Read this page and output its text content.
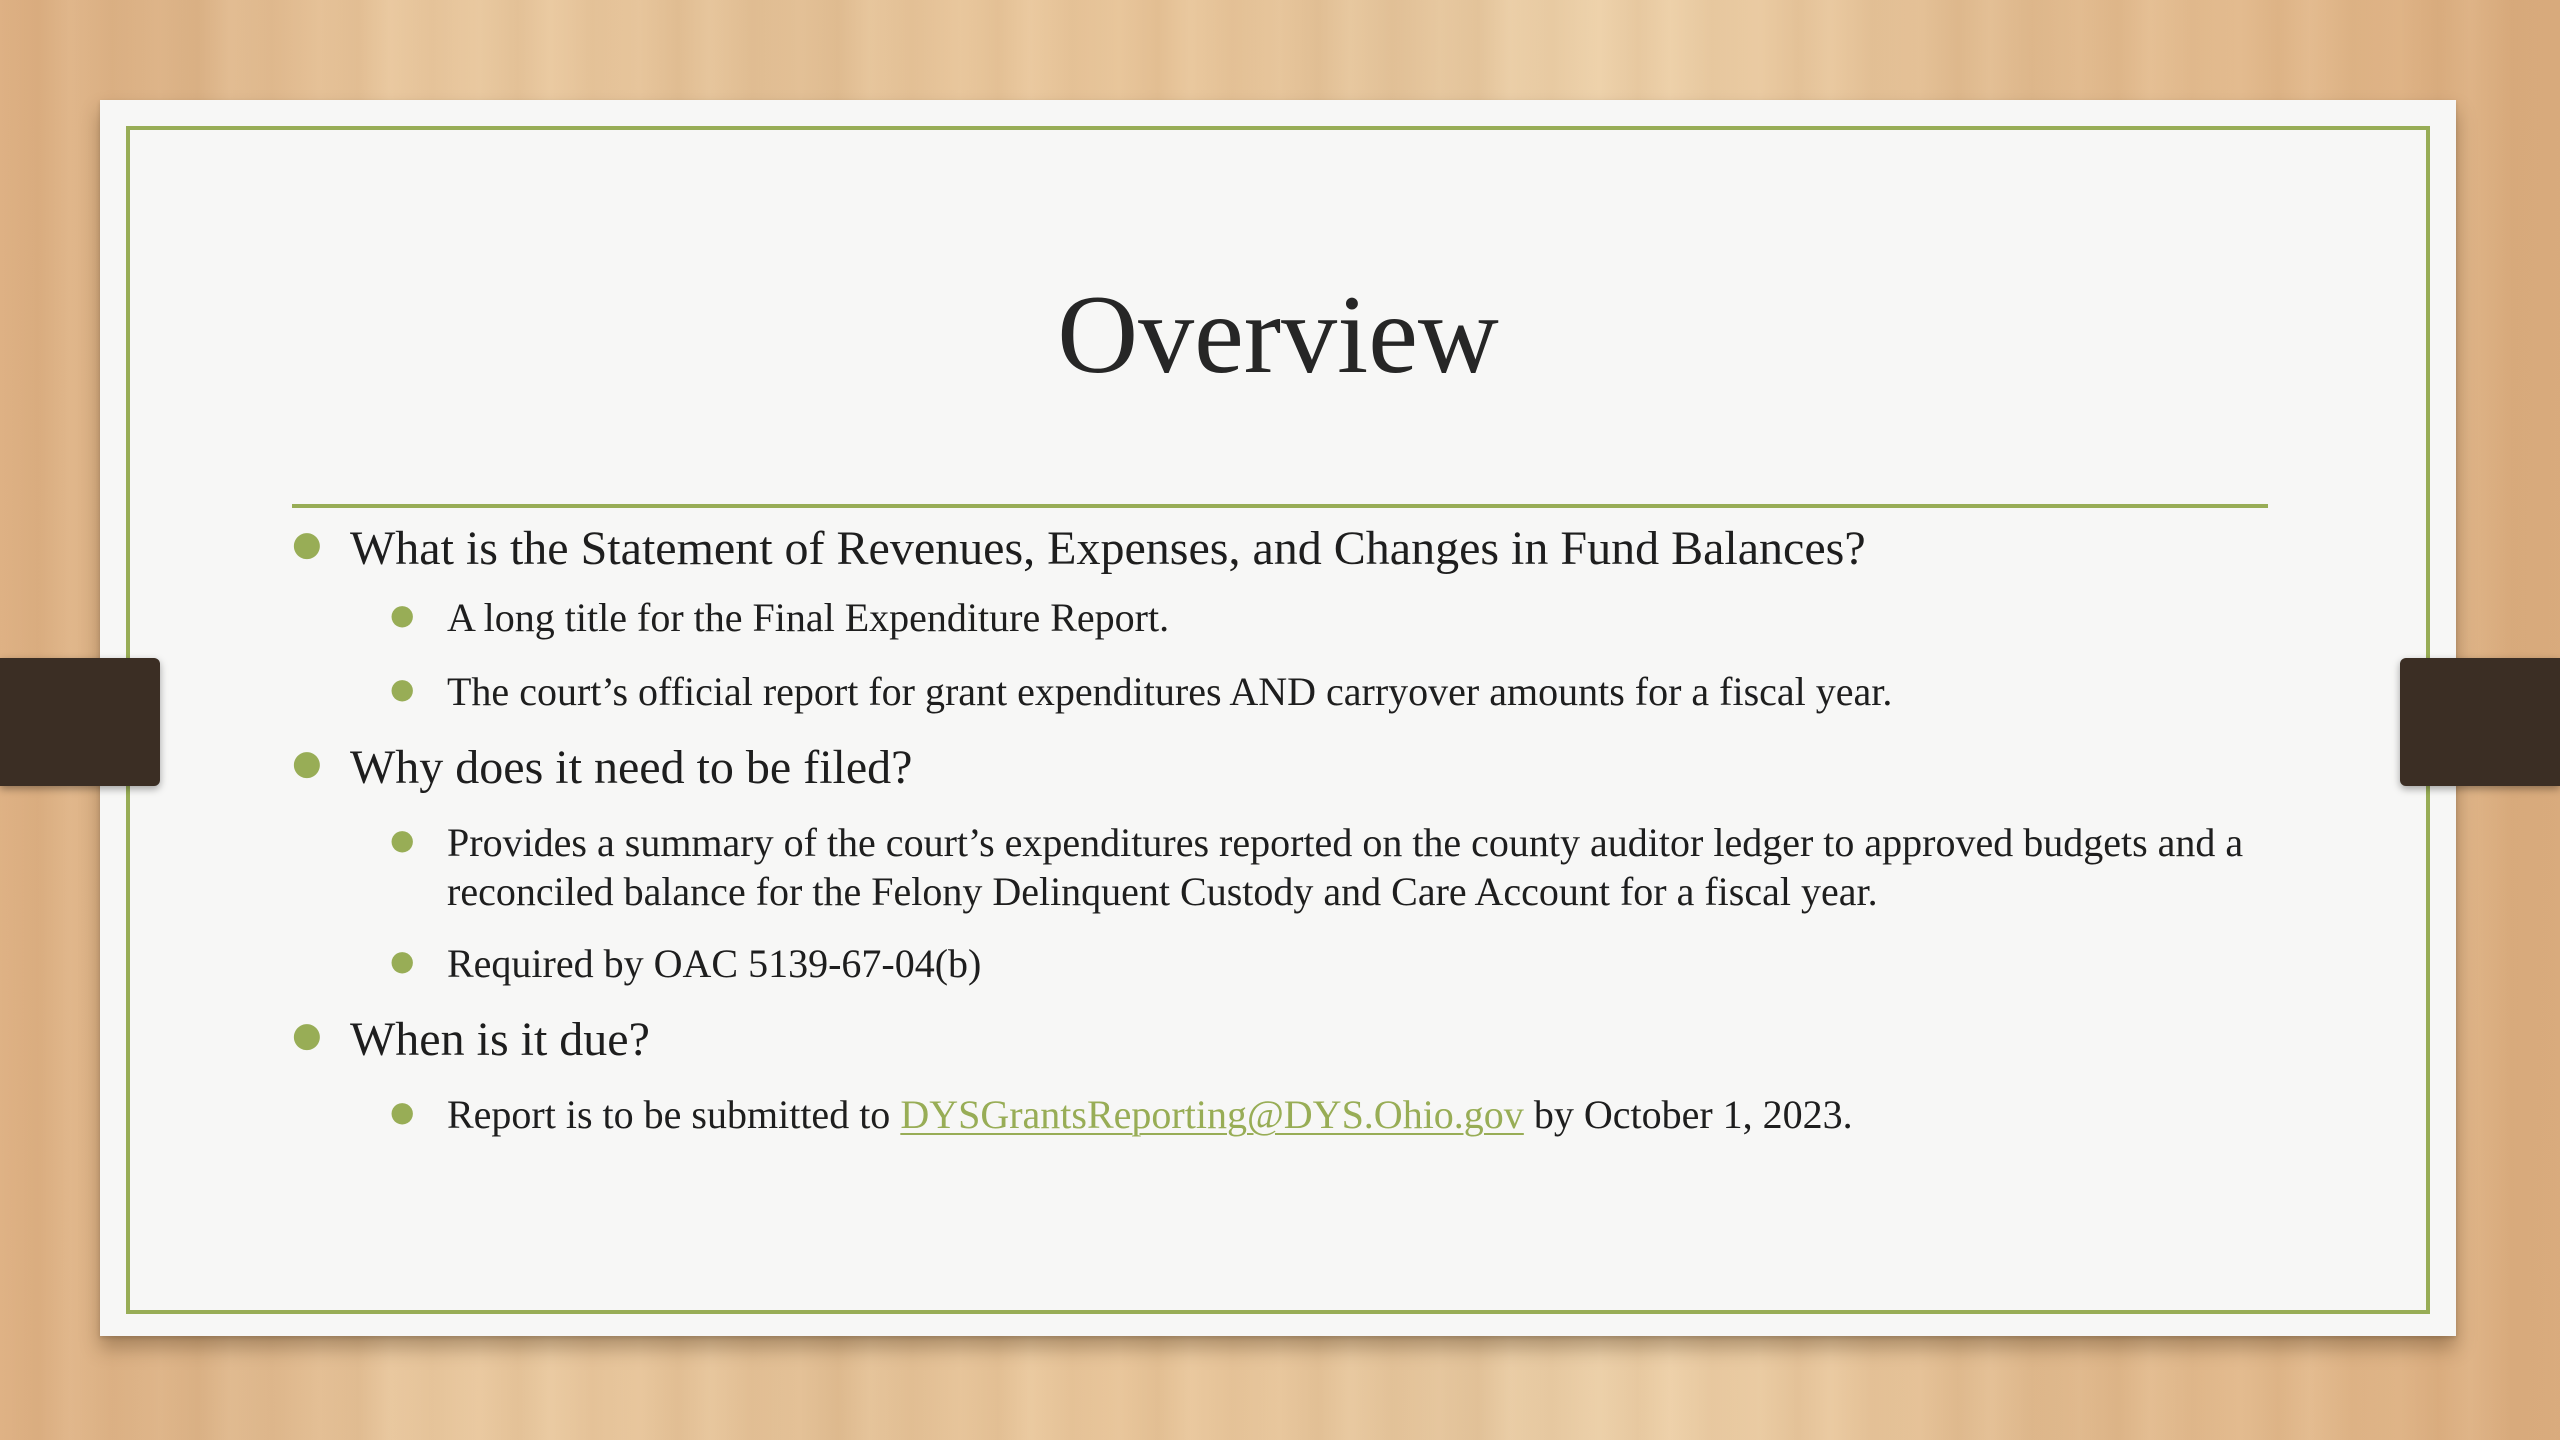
Overview

● What is the Statement of Revenues, Expenses, and Changes in Fund Balances?

● A long title for the Final Expenditure Report.

● The court’s official report for grant expenditures AND carryover amounts for a fiscal year.

● Why does it need to be filed?

● Provides a summary of the court’s expenditures reported on the county auditor ledger to approved budgets and a reconciled balance for the Felony Delinquent Custody and Care Account for a fiscal year.

● Required by OAC 5139-67-04(b)

● When is it due?

● Report is to be submitted to DYSGrantsReporting@DYS.Ohio.gov by October 1, 2023.
